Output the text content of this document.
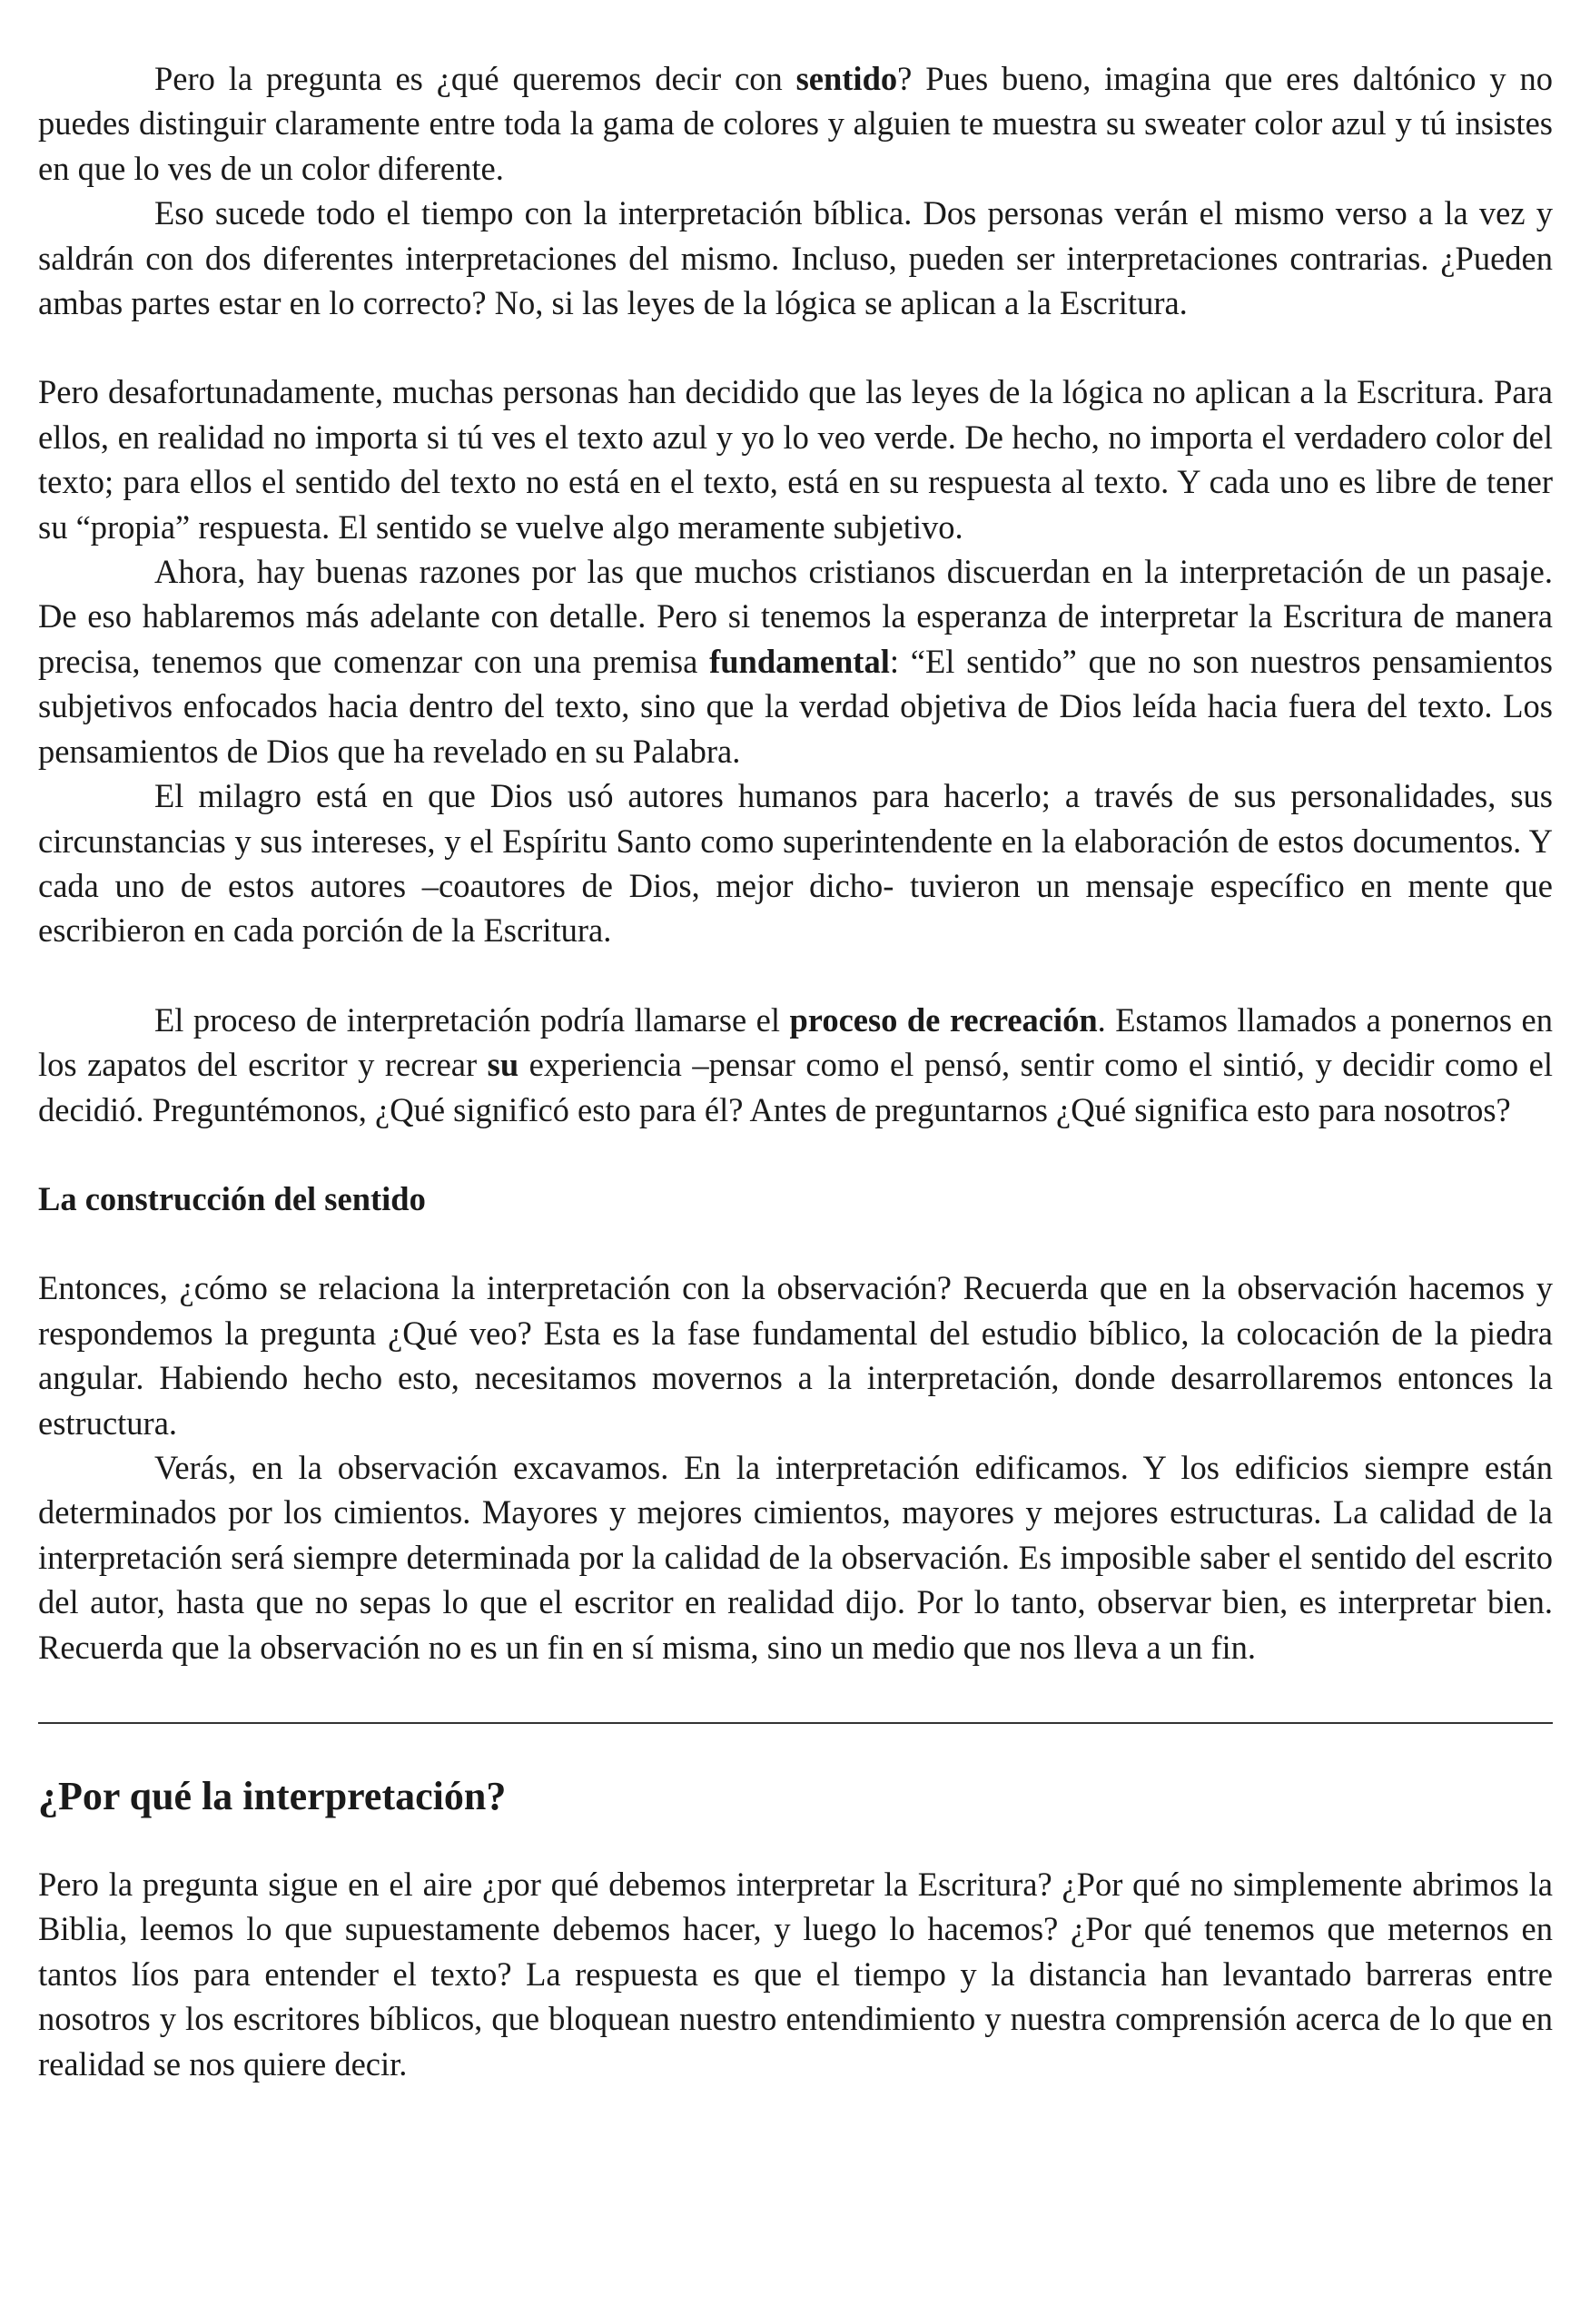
Pero la pregunta es ¿qué queremos decir con sentido? Pues bueno, imagina que eres daltónico y no puedes distinguir claramente entre toda la gama de colores y alguien te muestra su sweater color azul y tú insistes en que lo ves de un color diferente.

Eso sucede todo el tiempo con la interpretación bíblica. Dos personas verán el mismo verso a la vez y saldrán con dos diferentes interpretaciones del mismo. Incluso, pueden ser interpretaciones contrarias. ¿Pueden ambas partes estar en lo correcto? No, si las leyes de la lógica se aplican a la Escritura.

Pero desafortunadamente, muchas personas han decidido que las leyes de la lógica no aplican a la Escritura. Para ellos, en realidad no importa si tú ves el texto azul y yo lo veo verde. De hecho, no importa el verdadero color del texto; para ellos el sentido del texto no está en el texto, está en su respuesta al texto. Y cada uno es libre de tener su “propia” respuesta. El sentido se vuelve algo meramente subjetivo.

Ahora, hay buenas razones por las que muchos cristianos discuerdan en la interpretación de un pasaje. De eso hablaremos más adelante con detalle. Pero si tenemos la esperanza de interpretar la Escritura de manera precisa, tenemos que comenzar con una premisa fundamental: “El sentido” que no son nuestros pensamientos subjetivos enfocados hacia dentro del texto, sino que la verdad objetiva de Dios leída hacia fuera del texto. Los pensamientos de Dios que ha revelado en su Palabra.

El milagro está en que Dios usó autores humanos para hacerlo; a través de sus personalidades, sus circunstancias y sus intereses, y el Espíritu Santo como superintendente en la elaboración de estos documentos. Y cada uno de estos autores –coautores de Dios, mejor dicho- tuvieron un mensaje específico en mente que escribieron en cada porción de la Escritura.

El proceso de interpretación podría llamarse el proceso de recreación. Estamos llamados a ponernos en los zapatos del escritor y recrear su experiencia –pensar como el pensó, sentir como el sintió, y decidir como el decidió. Preguntémonos, ¿Qué significó esto para él? Antes de preguntarnos ¿Qué significa esto para nosotros?

La construcción del sentido

Entonces, ¿cómo se relaciona la interpretación con la observación? Recuerda que en la observación hacemos y respondemos la pregunta ¿Qué veo? Esta es la fase fundamental del estudio bíblico, la colocación de la piedra angular. Habiendo hecho esto, necesitamos movernos a la interpretación, donde desarrollaremos entonces la estructura.

Verás, en la observación excavamos. En la interpretación edificamos. Y los edificios siempre están determinados por los cimientos. Mayores y mejores cimientos, mayores y mejores estructuras. La calidad de la interpretación será siempre determinada por la calidad de la observación. Es imposible saber el sentido del escrito del autor, hasta que no sepas lo que el escritor en realidad dijo. Por lo tanto, observar bien, es interpretar bien. Recuerda que la observación no es un fin en sí misma, sino un medio que nos lleva a un fin.

¿Por qué la interpretación?

Pero la pregunta sigue en el aire ¿por qué debemos interpretar la Escritura? ¿Por qué no simplemente abrimos la Biblia, leemos lo que supuestamente debemos hacer, y luego lo hacemos? ¿Por qué tenemos que meternos en tantos líos para entender el texto? La respuesta es que el tiempo y la distancia han levantado barreras entre nosotros y los escritores bíblicos, que bloquean nuestro entendimiento y nuestra comprensión acerca de lo que en realidad se nos quiere decir.
